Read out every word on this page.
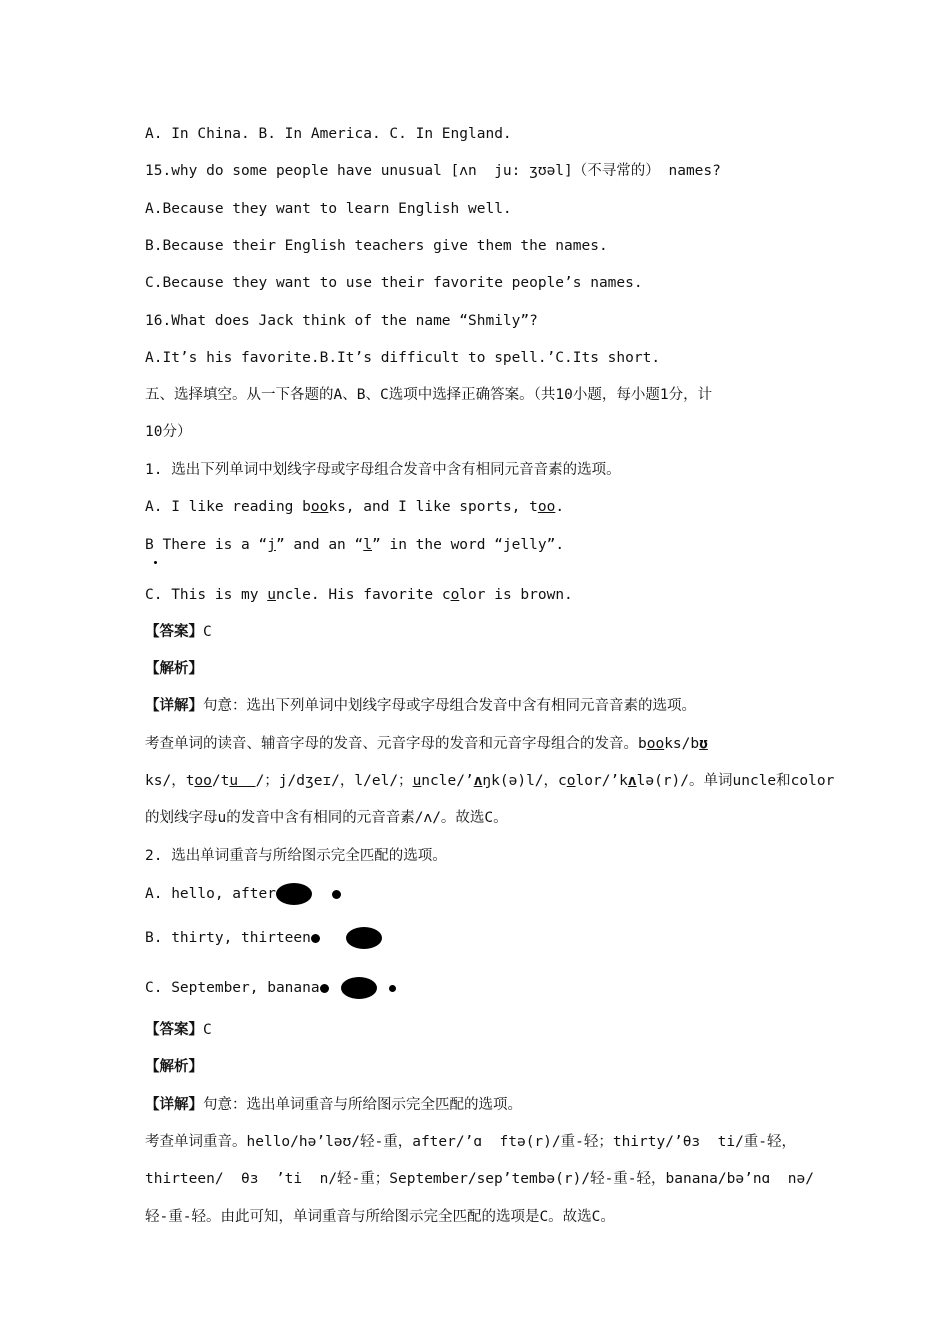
A. In China. B. In America. C. In England.
15.why do some people have unusual [ʌn  ju: ʒʊəl]（不寻常的） names?
A.Because they want to learn English well.
B.Because their English teachers give them the names.
C.Because they want to use their favorite people’s names.
16.What does Jack think of the name “Shmily”?
A.It’s his favorite.B.It’s difficult to spell.’C.Its short.
五、选择填空。从一下各题的A、B、C选项中选择正确答案。（共10小题，每小题1分，计
10分）
1. 选出下列单词中划线字母或字母组合发音中含有相同元音音素的选项。
A. I like reading books, and I like sports, too.
B There is a “j” and an “l” in the word “jelly”.
C. This is my uncle. His favorite color is brown.
【答案】C
【解析】
【详解】句意：选出下列单词中划线字母或字母组合发音中含有相同元音音素的选项。
考查单词的读音、辅音字母的发音、元音字母的发音和元音字母组合的发音。books/bʊ
ks/，too/tu  /；j/dʒeɪ/，l/el/；uncle/’ʌŋk(ə)l/，color/’kʌlə(r)/。单词uncle和color
的划线字母u的发音中含有相同的元音音素/ʌ/。故选C。
2. 选出单词重音与所给图示完全匹配的选项。
A. hello, after
B. thirty, thirteen
C. September, banana
【答案】C
【解析】
【详解】句意：选出单词重音与所给图示完全匹配的选项。
考查单词重音。hello/hə’ləʊ/轻-重，after/’ɑ  ftə(r)/重-轻；thirty/’θɜ  ti/重-轻，
thirteen/  θɜ  ’ti  n/轻-重；September/sep’tembə(r)/轻-重-轻，banana/bə’nɑ  nə/
轻-重-轻。由此可知，单词重音与所给图示完全匹配的选项是C。故选C。
